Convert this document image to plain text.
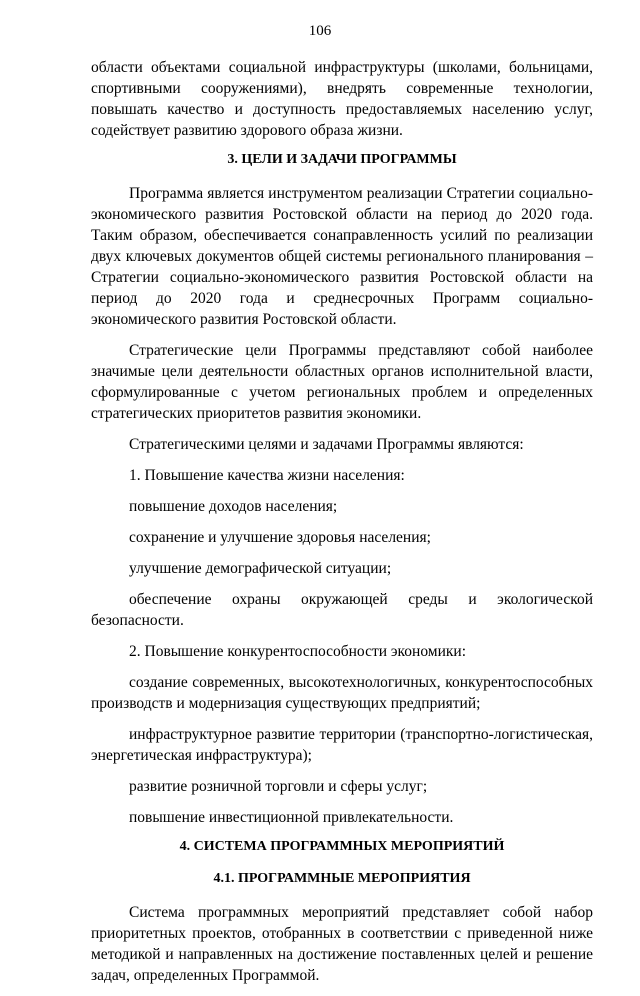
106

области объектами социальной инфраструктуры (школами, больницами, спортивными сооружениями), внедрять современные технологии, повышать качество и доступность предоставляемых населению услуг, содействует развитию здорового образа жизни.

3. ЦЕЛИ И ЗАДАЧИ ПРОГРАММЫ

Программа является инструментом реализации Стратегии социально-экономического развития Ростовской области на период до 2020 года. Таким образом, обеспечивается сонаправленность усилий по реализации двух ключевых документов общей системы регионального планирования – Стратегии социально-экономического развития Ростовской области на период до 2020 года и среднесрочных Программ социально-экономического развития Ростовской области.

Стратегические цели Программы представляют собой наиболее значимые цели деятельности областных органов исполнительной власти, сформулированные с учетом региональных проблем и определенных стратегических приоритетов развития экономики.

Стратегическими целями и задачами Программы являются:

1. Повышение качества жизни населения:

повышение доходов населения;
сохранение и улучшение здоровья населения;
улучшение демографической ситуации;
обеспечение охраны окружающей среды и экологической безопасности.

2. Повышение конкурентоспособности экономики:

создание современных, высокотехнологичных, конкурентоспособных производств и модернизация существующих предприятий;
инфраструктурное развитие территории (транспортно-логистическая, энергетическая инфраструктура);
развитие розничной торговли и сферы услуг;
повышение инвестиционной привлекательности.
4. СИСТЕМА ПРОГРАММНЫХ МЕРОПРИЯТИЙ
4.1. ПРОГРАММНЫЕ МЕРОПРИЯТИЯ

Система программных мероприятий представляет собой набор приоритетных проектов, отобранных в соответствии с приведенной ниже методикой и направленных на достижение поставленных целей и решение задач, определенных Программой.
